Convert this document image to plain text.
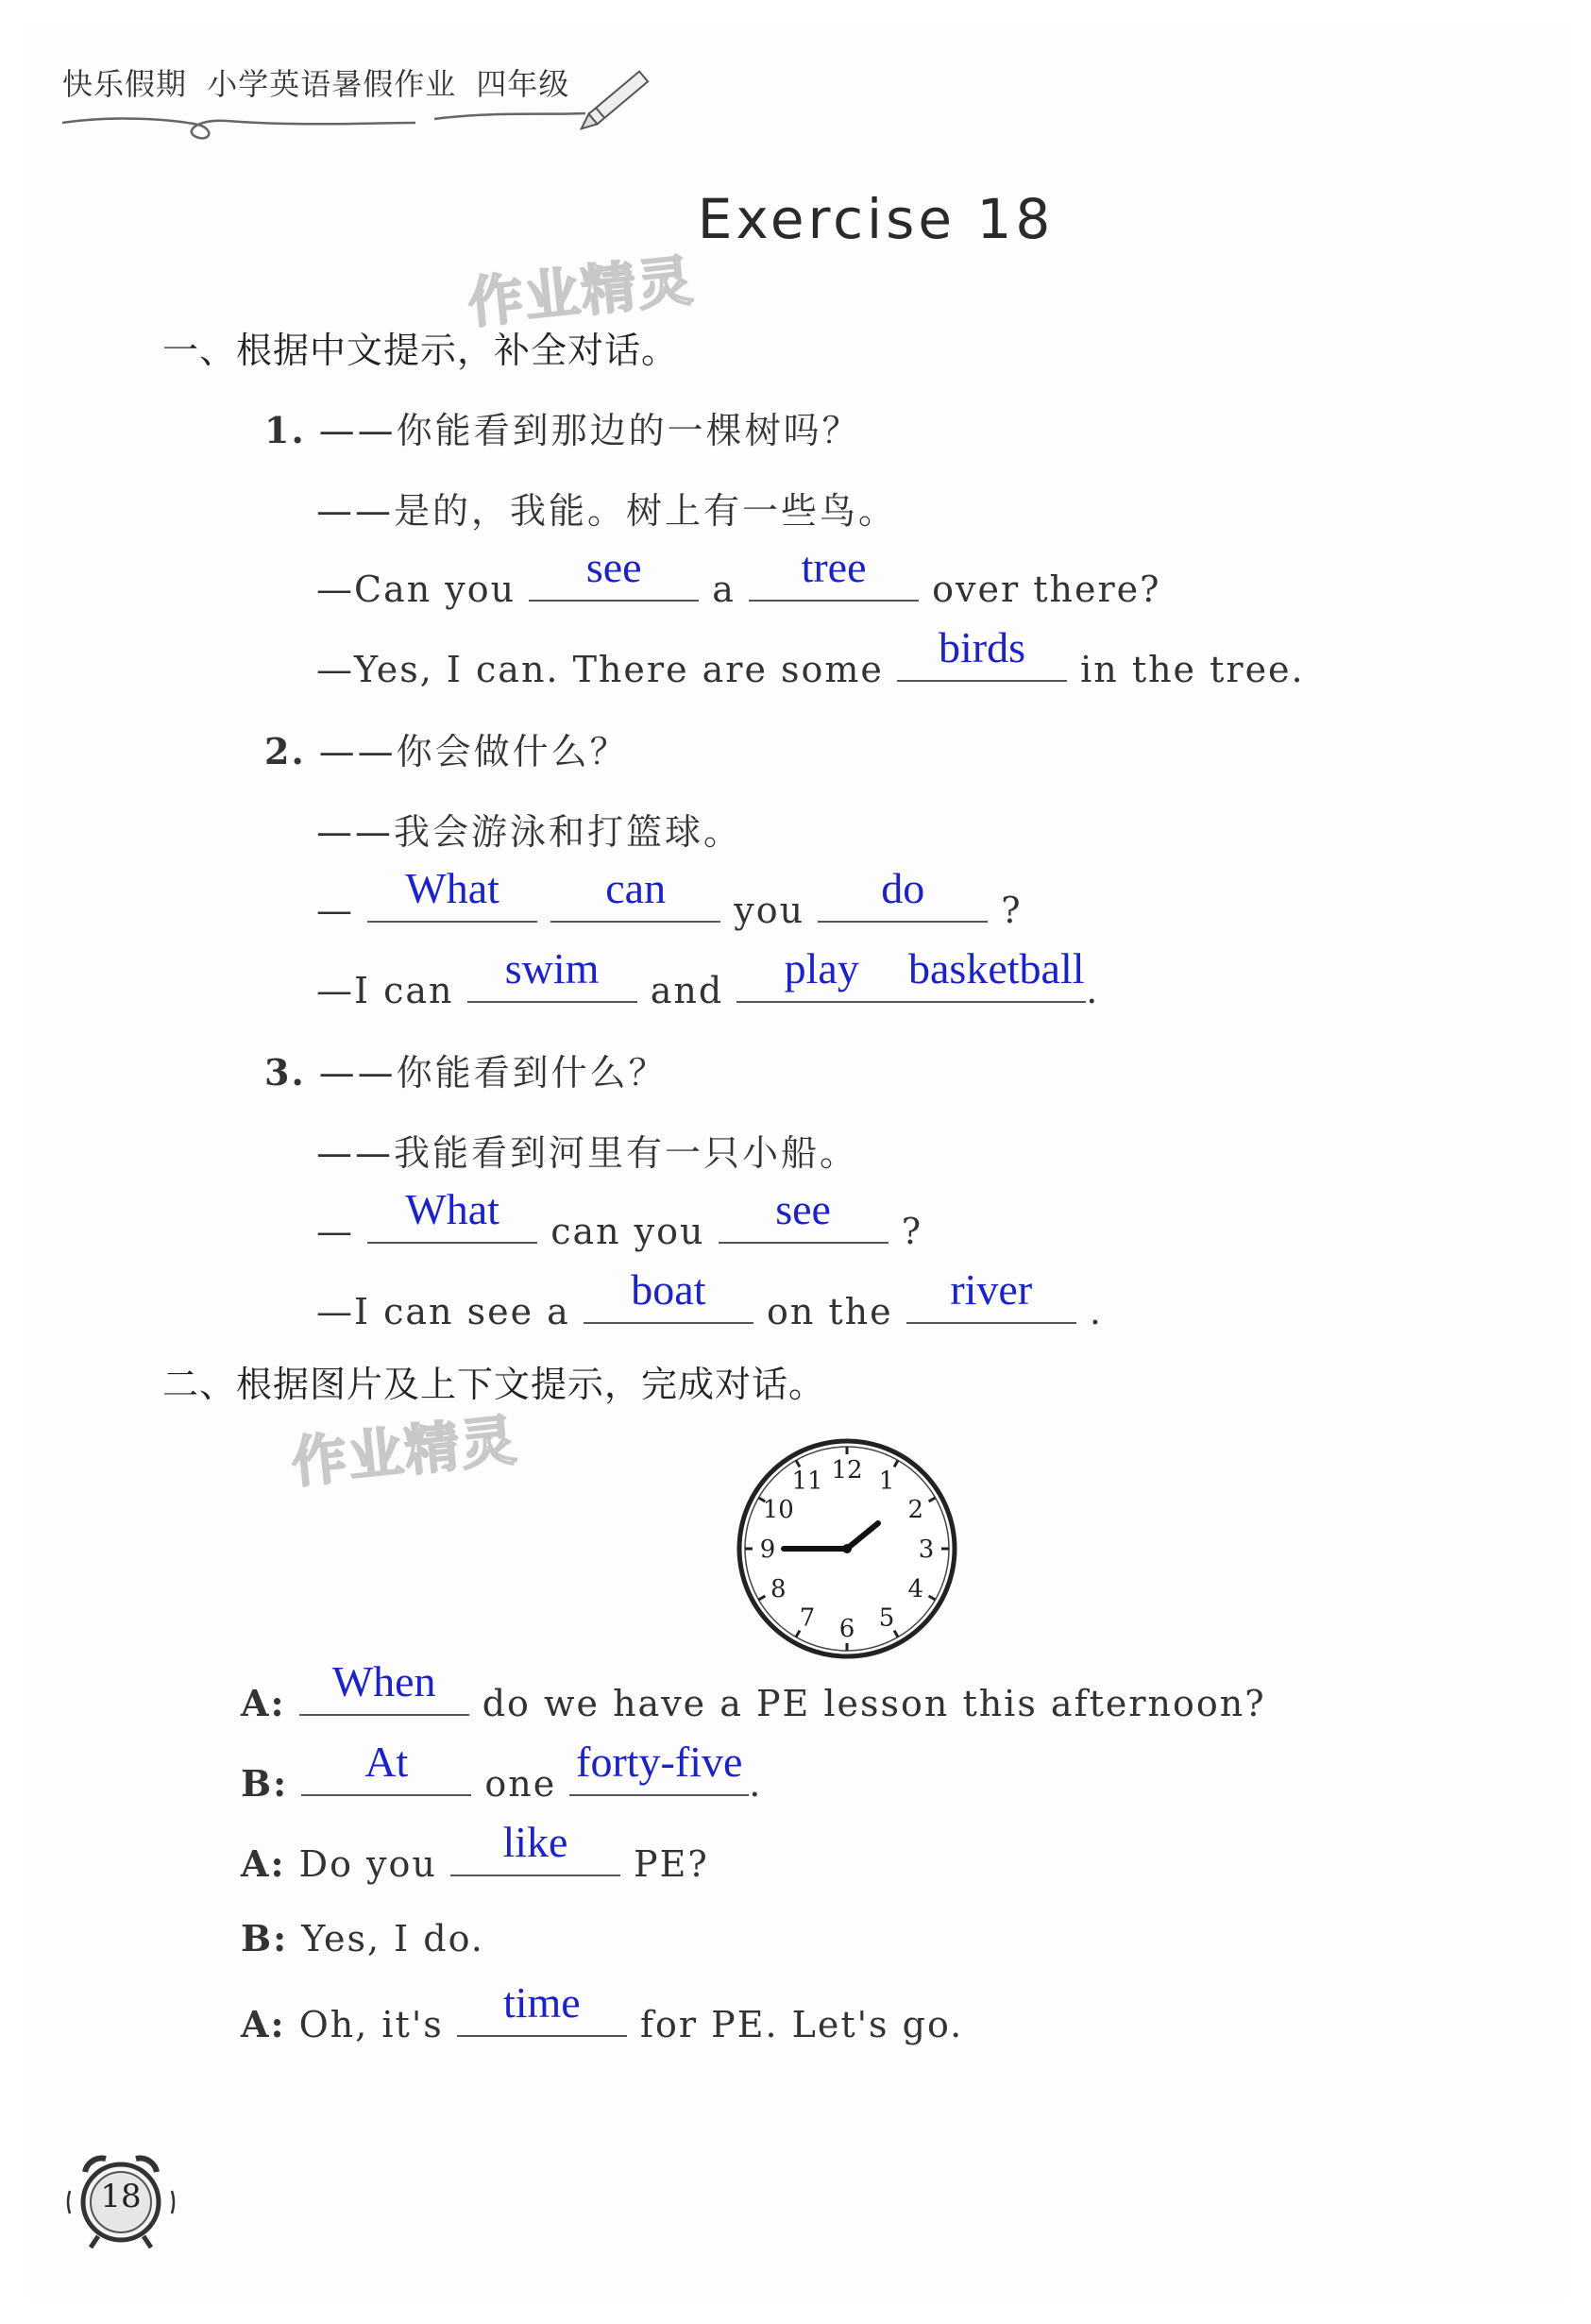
快乐假期 小学英语暑假作业 四年级
Exercise 18
作业精灵
一、根据中文提示，补全对话。
1. ——你能看到那边的一棵树吗？
——是的，我能。树上有一些鸟。
—Can you	see	a	tree	over there?
—Yes, I can. There are some	birds	in the tree.
2. ——你会做什么？
——我会游泳和打篮球。
—	What
	can	you	do	?
—I can	swim	and	play	basketball .
3. ——你能看到什么？
——我能看到河里有一只小船。
—	What	can you	see	?
—I can see a	boat	on the	river	.
二、根据图片及上下文提示，完成对话。
作业精灵	12 1
2
3
4
5
6
7
8
9
10
11
A:	When	do we have a PE lesson this afternoon?
B:	At	one forty-five .
A: Do you	like	PE?
B: Yes, I do.
A: Oh, it's	time	for PE. Let's go.
18
